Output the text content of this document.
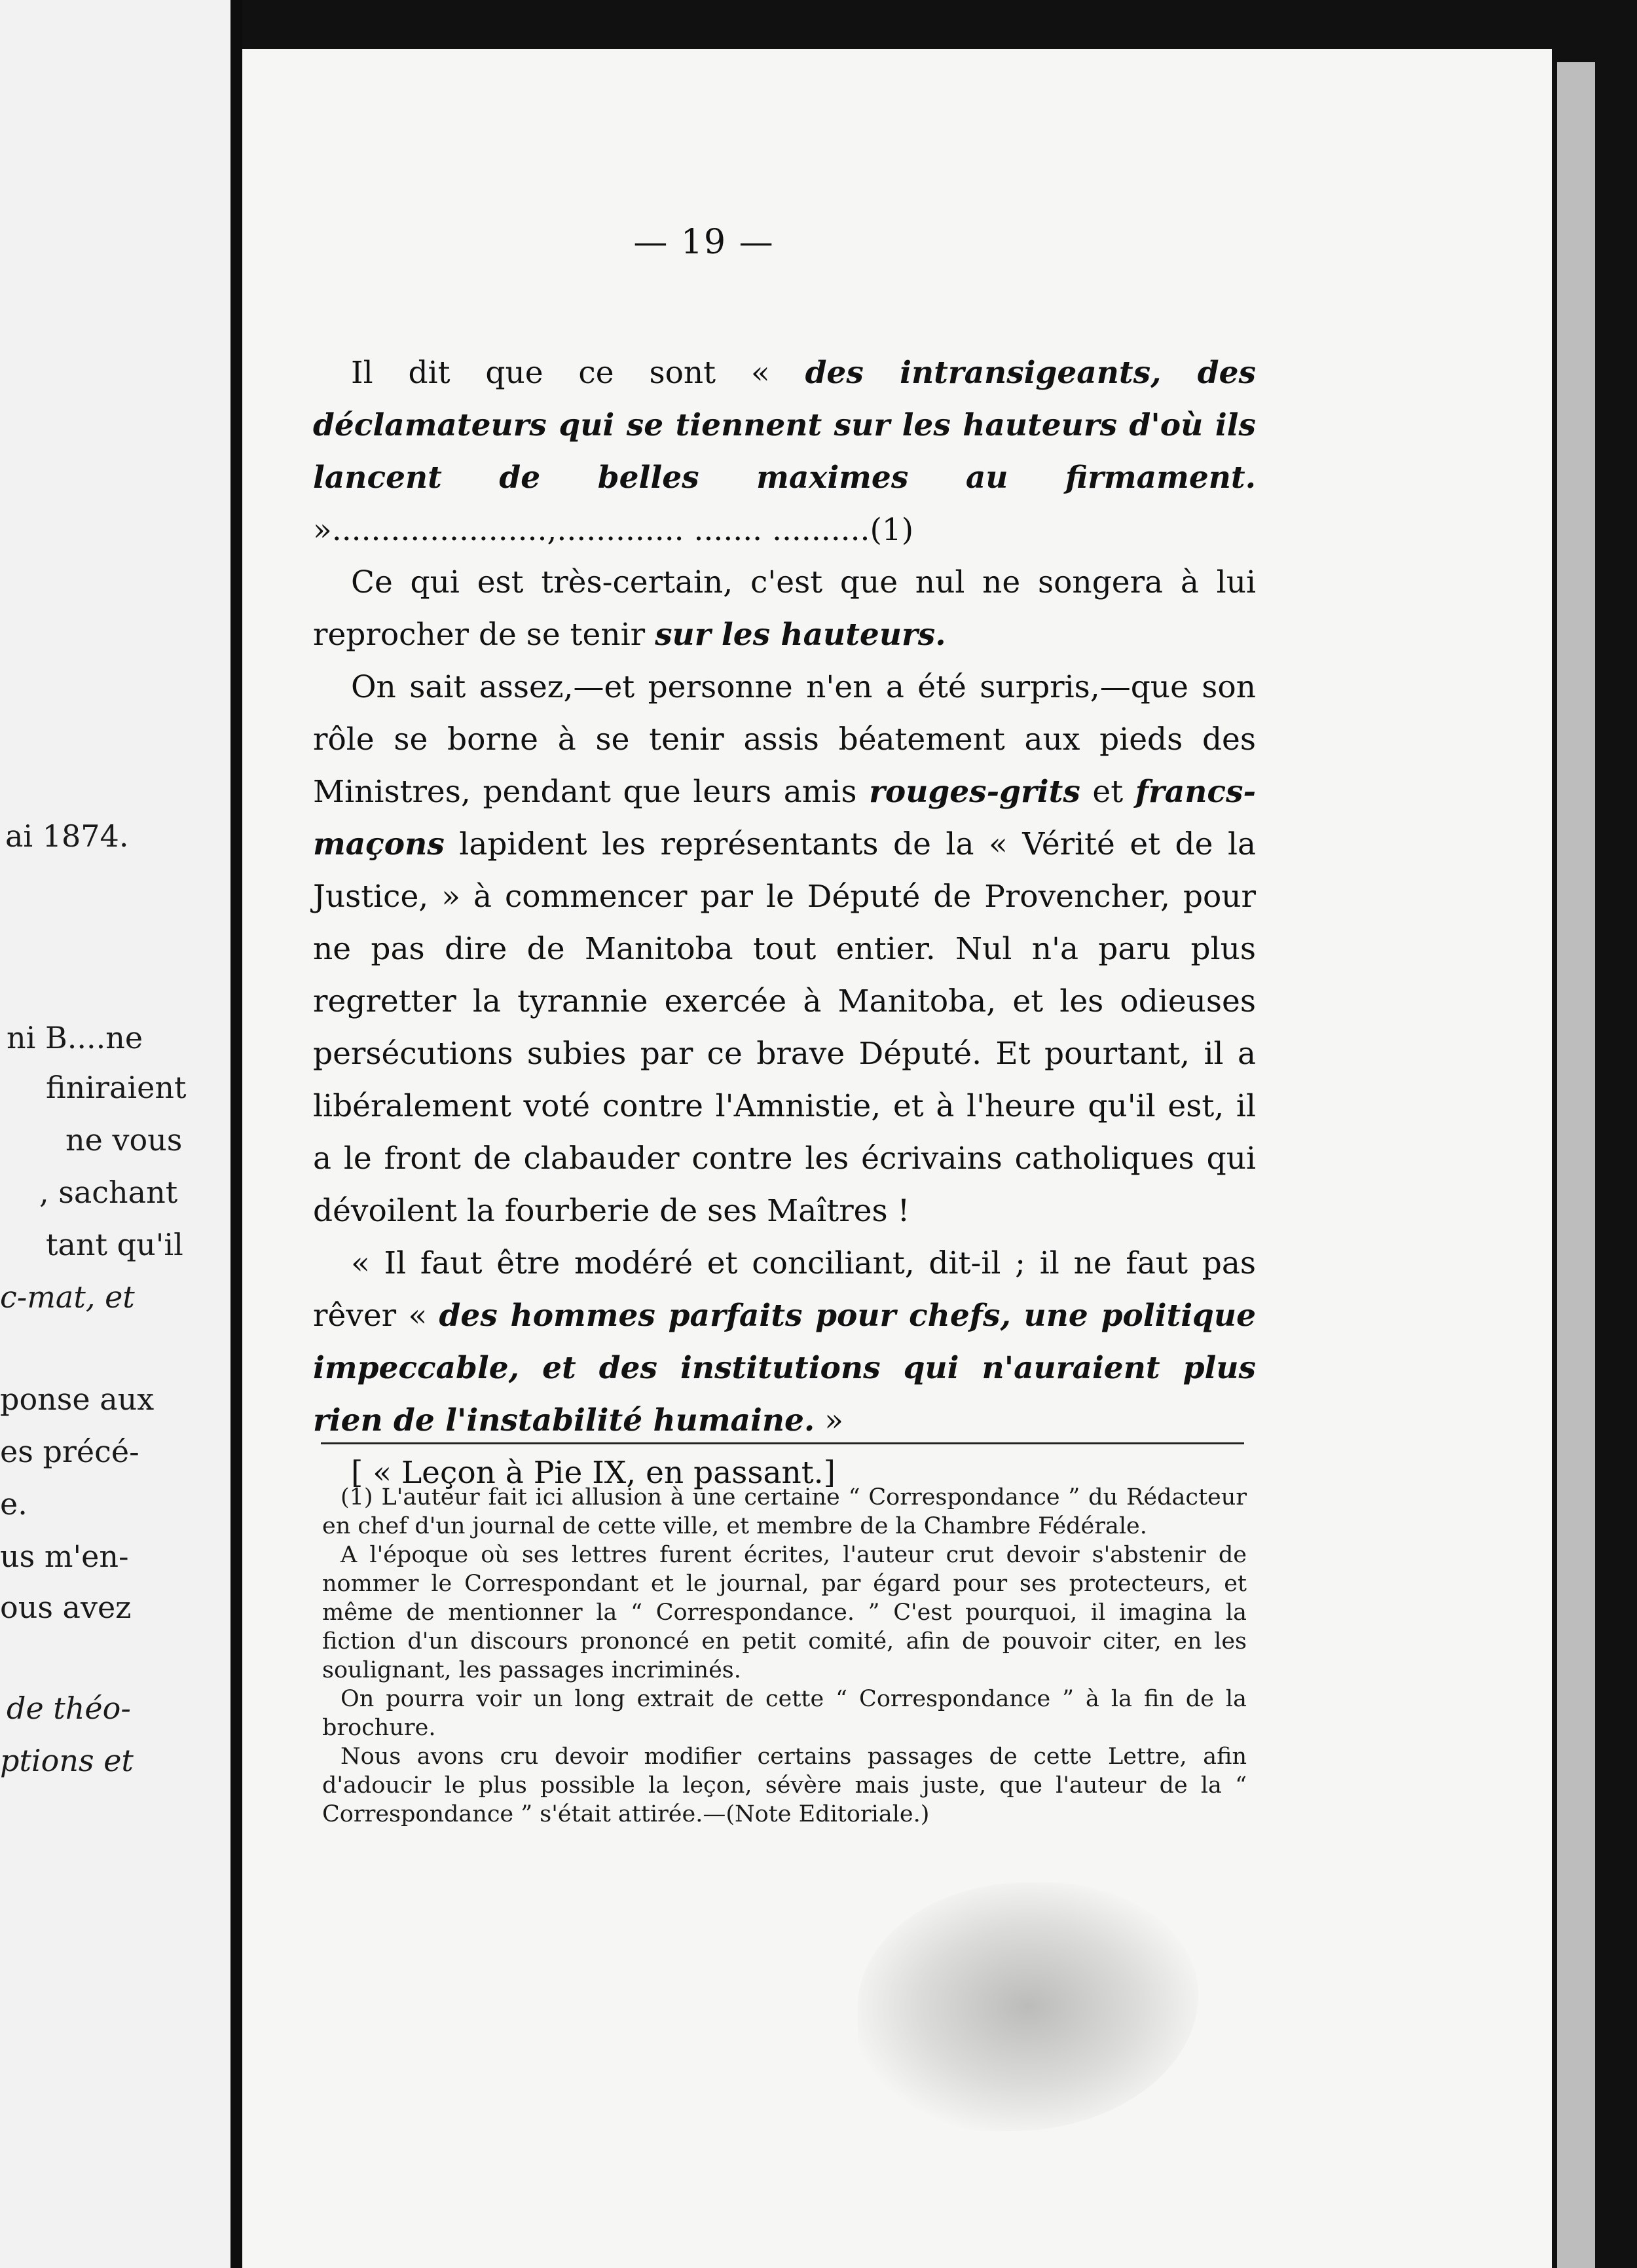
ai 1874.
ni B....ne
finiraient
ne vous
, sachant
tant qu'il
c-mat, et
ponse aux
es précé-
e.
us m'en-
ous avez
de théo-
ptions et
— 19 —

Il dit que ce sont « des intransigeants, des déclamateurs qui se tiennent sur les hauteurs d'où ils lancent de belles maximes au firmament. »......................,............. ....... ..........(1)

Ce qui est très-certain, c'est que nul ne songera à lui reprocher de se tenir sur les hauteurs.

On sait assez,—et personne n'en a été surpris,—que son rôle se borne à se tenir assis béatement aux pieds des Ministres, pendant que leurs amis rouges-grits et francs-maçons lapident les représentants de la « Vérité et de la Justice, » à commencer par le Député de Provencher, pour ne pas dire de Manitoba tout entier. Nul n'a paru plus regretter la tyrannie exercée à Manitoba, et les odieuses persécutions subies par ce brave Député. Et pourtant, il a libéralement voté contre l'Amnistie, et à l'heure qu'il est, il a le front de clabauder contre les écrivains catholiques qui dévoilent la fourberie de ses Maîtres !

« Il faut être modéré et conciliant, dit-il ; il ne faut pas rêver « des hommes parfaits pour chefs, une politique impeccable, et des institutions qui n'auraient plus rien de l'instabilité humaine. »

[ « Leçon à Pie IX, en passant.]

(1) L'auteur fait ici allusion à une certaine “ Correspondance ” du Rédacteur en chef d'un journal de cette ville, et membre de la Chambre Fédérale.

A l'époque où ses lettres furent écrites, l'auteur crut devoir s'abstenir de nommer le Correspondant et le journal, par égard pour ses protecteurs, et même de mentionner la “ Correspondance. ” C'est pourquoi, il imagina la fiction d'un discours prononcé en petit comité, afin de pouvoir citer, en les soulignant, les passages incriminés.

On pourra voir un long extrait de cette “ Correspondance ” à la fin de la brochure.

Nous avons cru devoir modifier certains passages de cette Lettre, afin d'adoucir le plus possible la leçon, sévère mais juste, que l'auteur de la “ Correspondance ” s'était attirée.—(Note Editoriale.)
